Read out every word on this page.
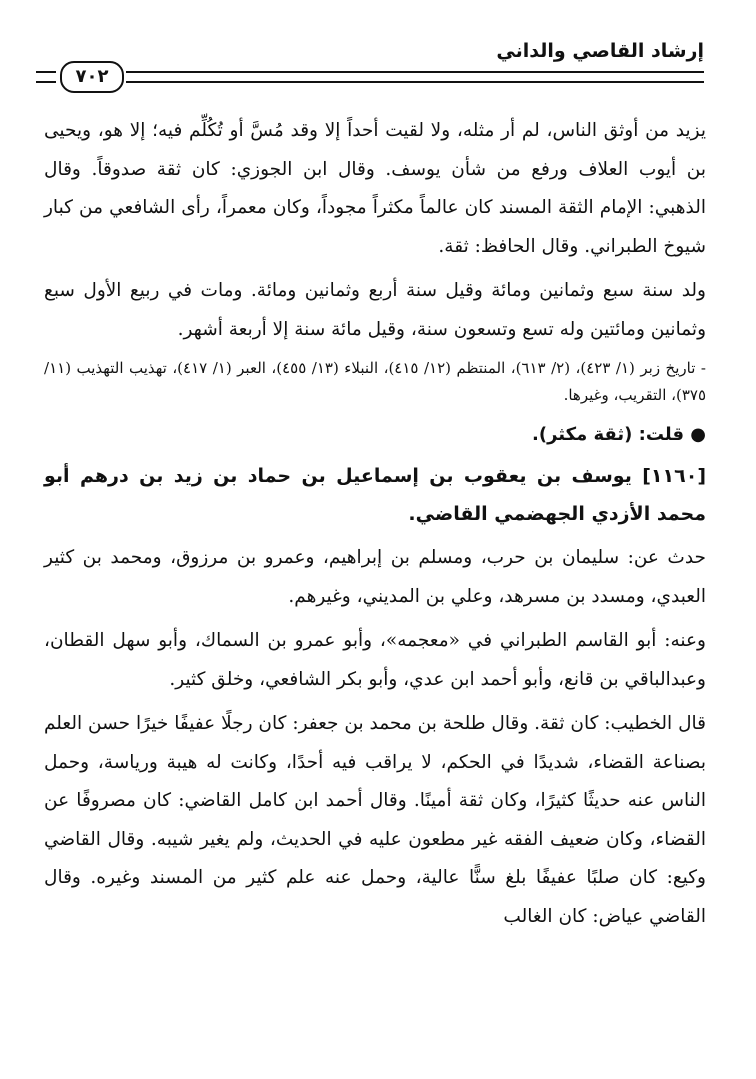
إرشاد القاصي والداني
٧٠٢

يزيد من أوثق الناس، لم أر مثله، ولا لقيت أحداً إلا وقد مُسَّ أو تُكُلِّم فيه؛ إلا هو، ويحيى بن أيوب العلاف ورفع من شأن يوسف. وقال ابن الجوزي: كان ثقة صدوقاً. وقال الذهبي: الإمام الثقة المسند كان عالماً مكثراً مجوداً، وكان معمراً، رأى الشافعي من كبار شيوخ الطبراني. وقال الحافظ: ثقة.

ولد سنة سبع وثمانين ومائة وقيل سنة أربع وثمانين ومائة. ومات في ربيع الأول سبع وثمانين ومائتين وله تسع وتسعون سنة، وقيل مائة سنة إلا أربعة أشهر.

- تاريخ زبر (١/ ٤٢٣)، (٢/ ٦١٣)، المنتظم (١٢/ ٤١٥)، النبلاء (١٣/ ٤٥٥)، العبر (١/ ٤١٧)، تهذيب التهذيب (١١/ ٣٧٥)، التقريب، وغيرها.

● قلت: (ثقة مكثر).

[١١٦٠] يوسف بن يعقوب بن إسماعيل بن حماد بن زيد بن درهم أبو محمد الأزدي الجهضمي القاضي.

حدث عن: سليمان بن حرب، ومسلم بن إبراهيم، وعمرو بن مرزوق، ومحمد بن كثير العبدي، ومسدد بن مسرهد، وعلي بن المديني، وغيرهم.

وعنه: أبو القاسم الطبراني في «معجمه»، وأبو عمرو بن السماك، وأبو سهل القطان، وعبدالباقي بن قانع، وأبو أحمد ابن عدي، وأبو بكر الشافعي، وخلق كثير.

قال الخطيب: كان ثقة. وقال طلحة بن محمد بن جعفر: كان رجلًا عفيفًا خيرًا حسن العلم بصناعة القضاء، شديدًا في الحكم، لا يراقب فيه أحدًا، وكانت له هيبة ورياسة، وحمل الناس عنه حديثًا كثيرًا، وكان ثقة أمينًا. وقال أحمد ابن كامل القاضي: كان مصروفًا عن القضاء، وكان ضعيف الفقه غير مطعون عليه في الحديث، ولم يغير شيبه. وقال القاضي وكيع: كان صلبًا عفيفًا بلغ سنًّا عالية، وحمل عنه علم كثير من المسند وغيره. وقال القاضي عياض: كان الغالب
